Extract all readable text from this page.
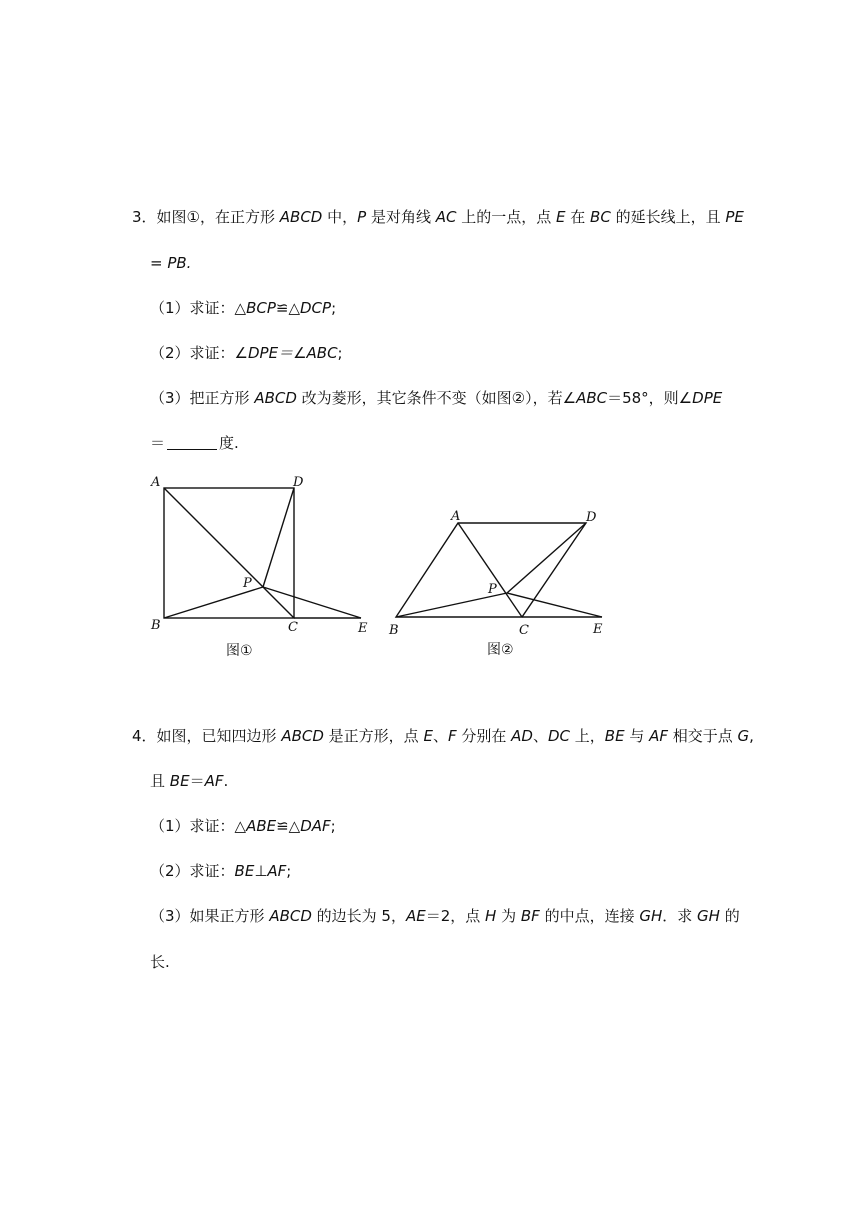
3．如图①，在正方形 ABCD 中，P 是对角线 AC 上的一点，点 E 在 BC 的延长线上，且 PE
= PB.
（1）求证：△BCP≌△DCP;
（2）求证：∠DPE＝∠ABC;
（3）把正方形 ABCD 改为菱形，其它条件不变（如图②），若∠ABC＝58°，则∠DPE
＝	度.
A
B	C
D
E
P
图①
A
B	C
D
E
P
图②
4．如图，已知四边形 ABCD 是正方形，点 E、F 分别在 AD、DC 上，BE 与 AF 相交于点 G,
且 BE＝AF.
（1）求证：△ABE≌△DAF;
（2）求证：BE⊥AF;
（3）如果正方形 ABCD 的边长为 5，AE＝2，点 H 为 BF 的中点，连接 GH．求 GH 的
长.
